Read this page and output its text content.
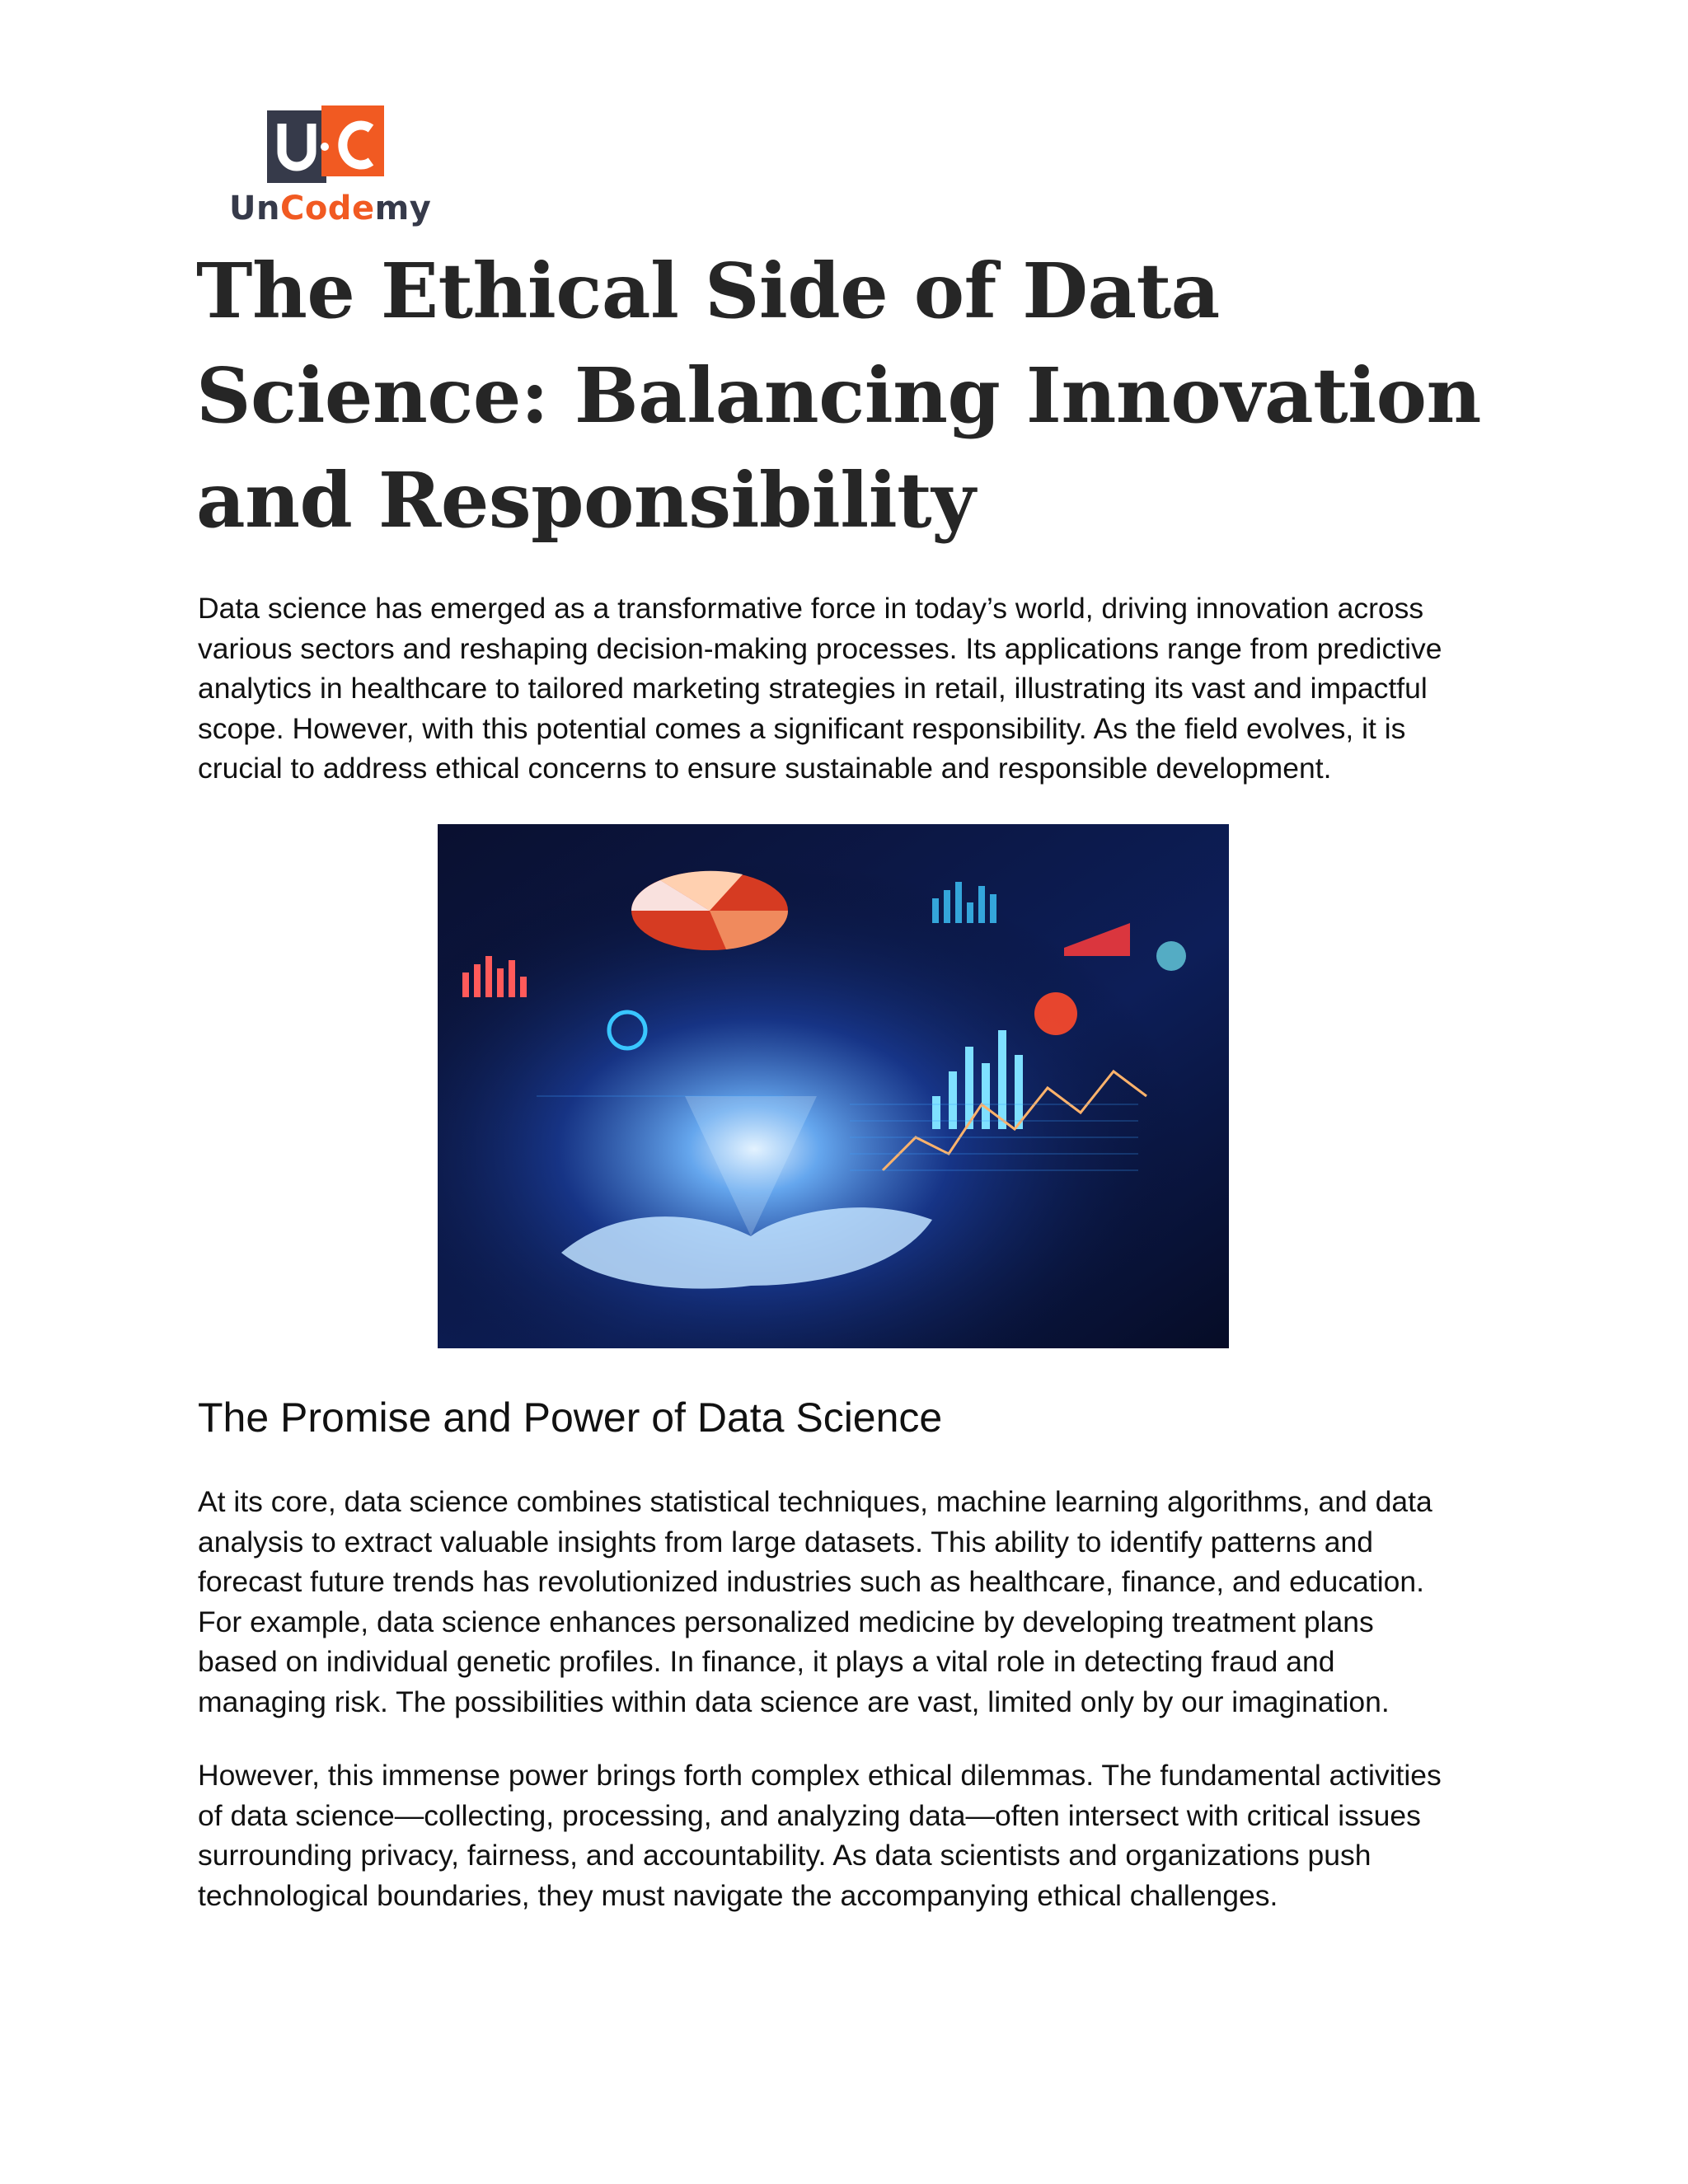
UnCodemy
The Ethical Side of Data
Science: Balancing Innovation
and Responsibility

Data science has emerged as a transformative force in today’s world, driving innovation across
various sectors and reshaping decision-making processes. Its applications range from predictive
analytics in healthcare to tailored marketing strategies in retail, illustrating its vast and impactful
scope. However, with this potential comes a significant responsibility. As the field evolves, it is
crucial to address ethical concerns to ensure sustainable and responsible development.

The Promise and Power of Data Science

At its core, data science combines statistical techniques, machine learning algorithms, and data
analysis to extract valuable insights from large datasets. This ability to identify patterns and
forecast future trends has revolutionized industries such as healthcare, finance, and education.
For example, data science enhances personalized medicine by developing treatment plans
based on individual genetic profiles. In finance, it plays a vital role in detecting fraud and
managing risk. The possibilities within data science are vast, limited only by our imagination.

However, this immense power brings forth complex ethical dilemmas. The fundamental activities
of data science—collecting, processing, and analyzing data—often intersect with critical issues
surrounding privacy, fairness, and accountability. As data scientists and organizations push
technological boundaries, they must navigate the accompanying ethical challenges.
